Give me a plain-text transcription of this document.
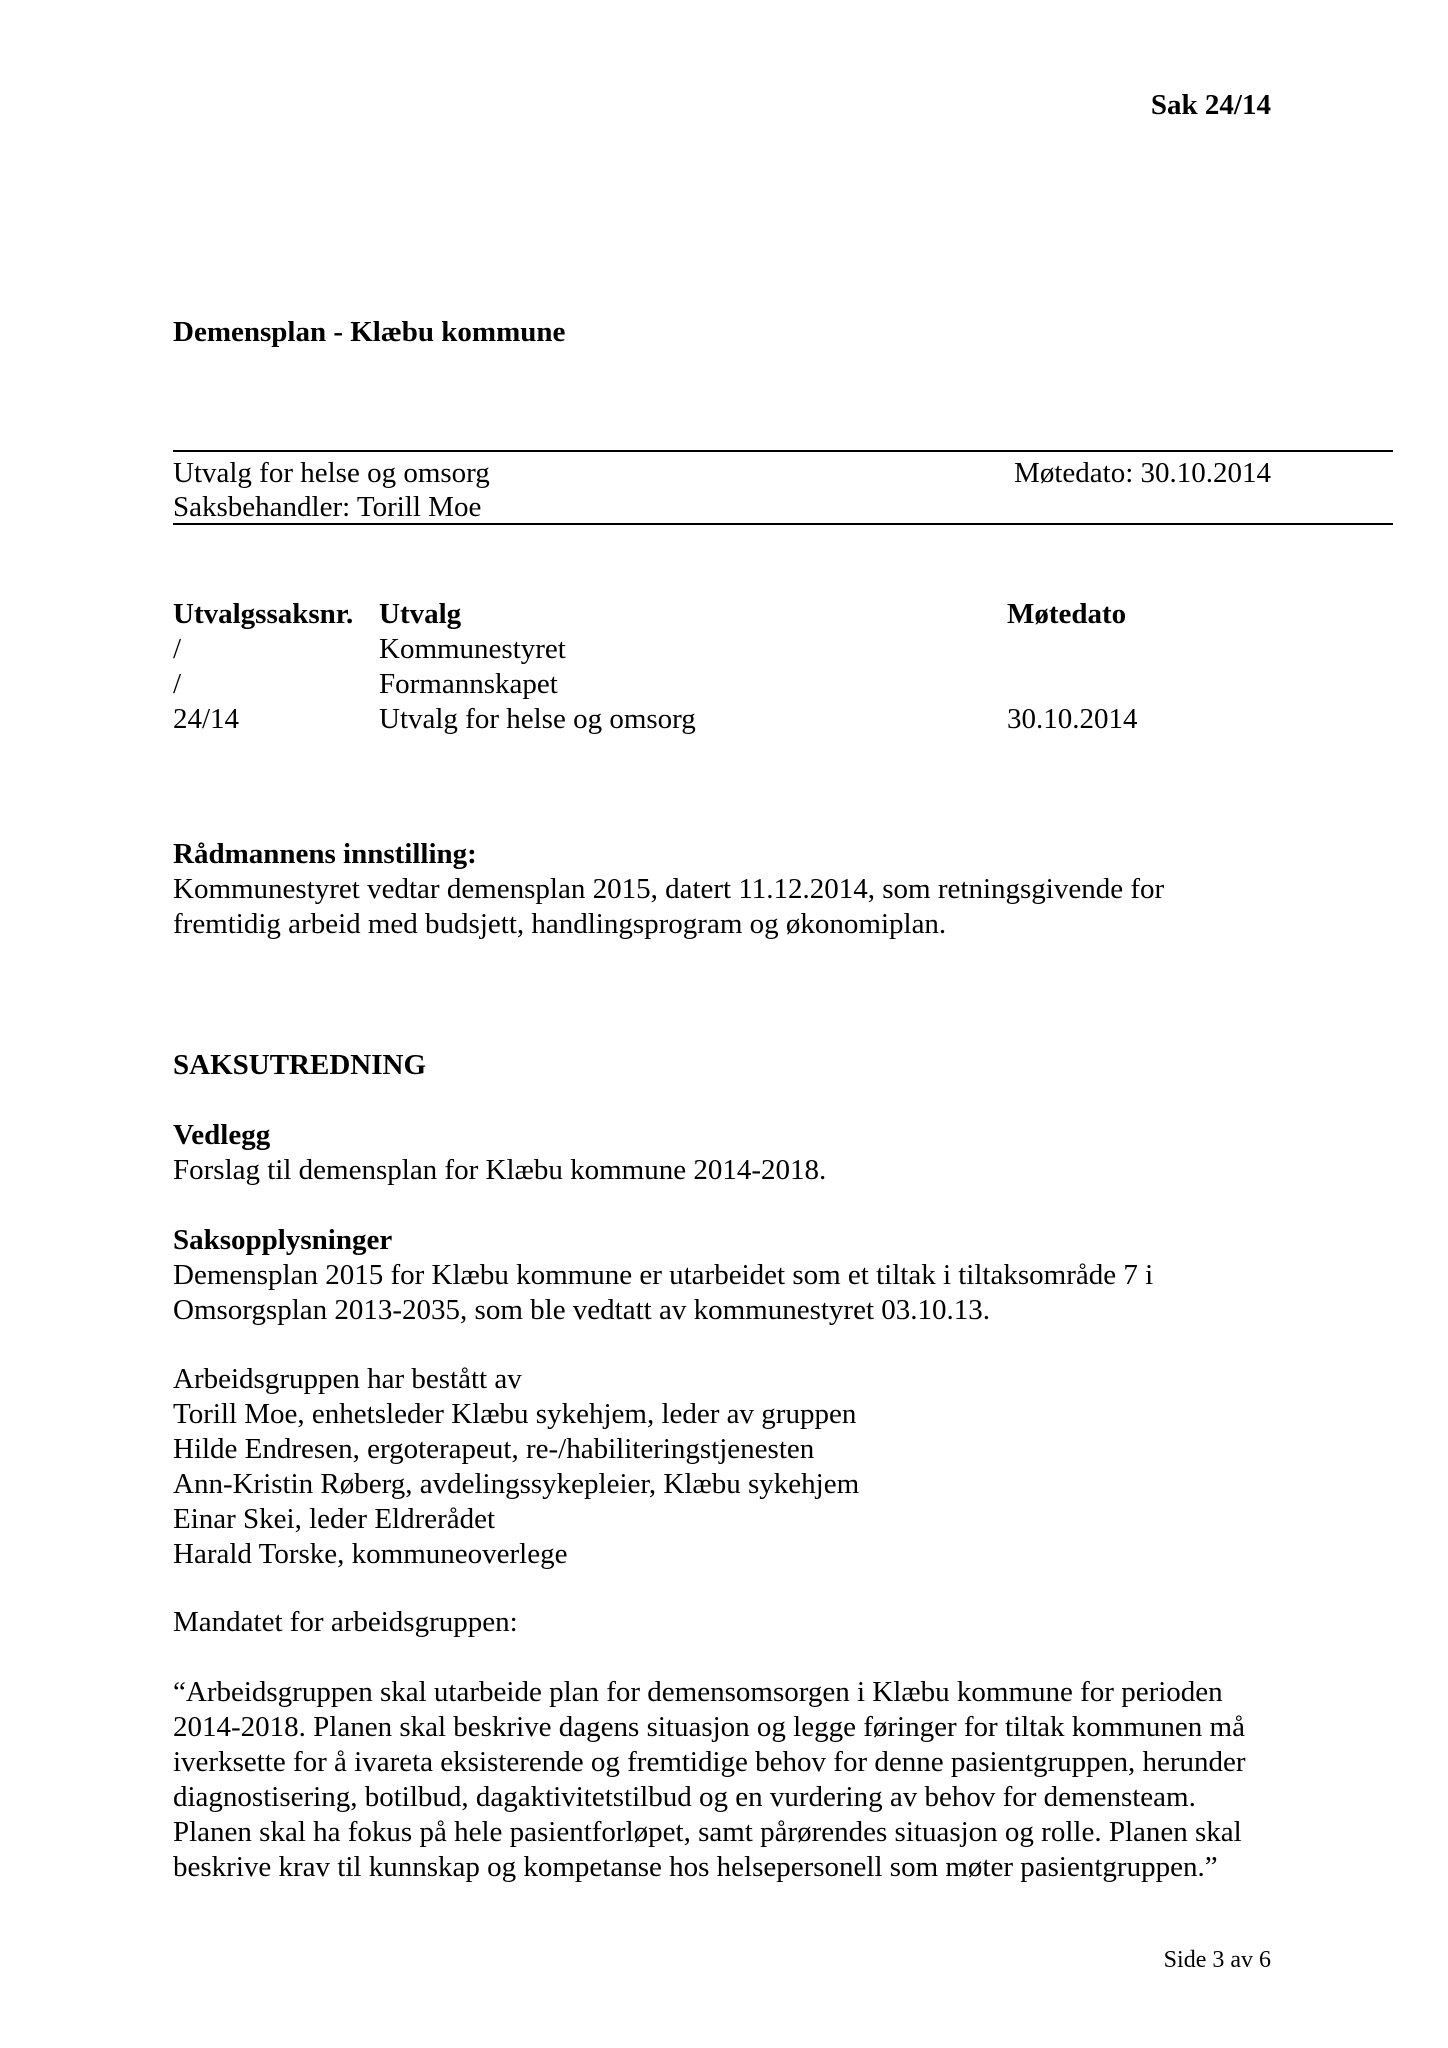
Sak 24/14
Demensplan - Klæbu kommune
Utvalg for helse og omsorg	Møtedato: 30.10.2014
Saksbehandler: Torill Moe
Utvalgssaksnr.	Utvalg	Møtedato
/	Kommunestyret	
/	Formannskapet	
24/14	Utvalg for helse og omsorg	30.10.2014
Rådmannens innstilling:
Kommunestyret vedtar demensplan 2015, datert 11.12.2014, som retningsgivende for
fremtidig arbeid med budsjett, handlingsprogram og økonomiplan.
SAKSUTREDNING
Vedlegg
Forslag til demensplan for Klæbu kommune 2014-2018.
Saksopplysninger
Demensplan 2015 for Klæbu kommune er utarbeidet som et tiltak i tiltaksområde 7 i
Omsorgsplan 2013-2035, som ble vedtatt av kommunestyret 03.10.13.
Arbeidsgruppen har bestått av
Torill Moe, enhetsleder Klæbu sykehjem, leder av gruppen
Hilde Endresen, ergoterapeut, re-/habiliteringstjenesten
Ann-Kristin Røberg, avdelingssykepleier, Klæbu sykehjem
Einar Skei, leder Eldrerådet
Harald Torske, kommuneoverlege
Mandatet for arbeidsgruppen:
“Arbeidsgruppen skal utarbeide plan for demensomsorgen i Klæbu kommune for perioden
2014-2018. Planen skal beskrive dagens situasjon og legge føringer for tiltak kommunen må
iverksette for å ivareta eksisterende og fremtidige behov for denne pasientgruppen, herunder
diagnostisering, botilbud, dagaktivitetstilbud og en vurdering av behov for demensteam.
Planen skal ha fokus på hele pasientforløpet, samt pårørendes situasjon og rolle. Planen skal
beskrive krav til kunnskap og kompetanse hos helsepersonell som møter pasientgruppen.”
Side 3 av 6
